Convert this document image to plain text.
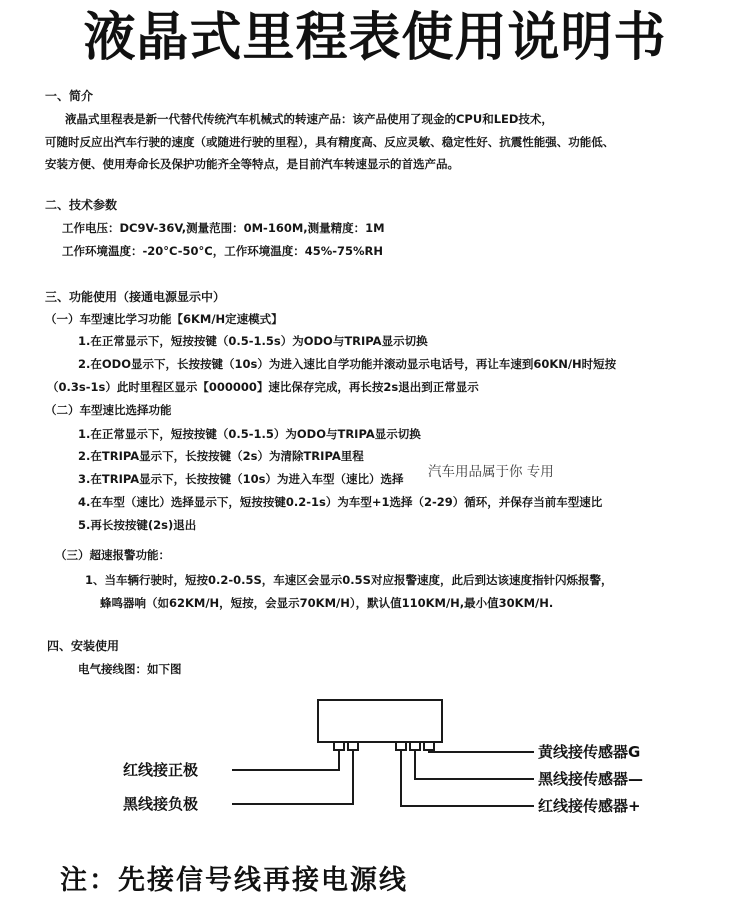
液晶式里程表使用说明书
一、简介
液晶式里程表是新一代替代传统汽车机械式的转速产品：该产品使用了现金的CPU和LED技术，
可随时反应出汽车行驶的速度（或随进行驶的里程），具有精度高、反应灵敏、稳定性好、抗震性能强、功能低、
安装方便、使用寿命长及保护功能齐全等特点，是目前汽车转速显示的首选产品。
二、技术参数
工作电压：DC9V-36V,测量范围：0M-160M,测量精度：1M
工作环境温度：-20°C-50°C，工作环境温度：45%-75%RH
三、功能使用（接通电源显示中）
（一）车型速比学习功能【6KM/H定速模式】
1.在正常显示下，短按按键（0.5-1.5s）为ODO与TRIPA显示切换
2.在ODO显示下，长按按键（10s）为进入速比自学功能并滚动显示电话号，再让车速到60KN/H时短按
（0.3s-1s）此时里程区显示【000000】速比保存完成，再长按2s退出到正常显示
（二）车型速比选择功能
1.在正常显示下，短按按键（0.5-1.5）为ODO与TRIPA显示切换
2.在TRIPA显示下，长按按键（2s）为清除TRIPA里程
3.在TRIPA显示下，长按按键（10s）为进入车型（速比）选择
4.在车型（速比）选择显示下，短按按键0.2-1s）为车型+1选择（2-29）循环，并保存当前车型速比
5.再长按按键(2s)退出
汽车用品属于你 专用
（三）超速报警功能：
1、当车辆行驶时，短按0.2-0.5S，车速区会显示0.5S对应报警速度，此后到达该速度指针闪烁报警，
蜂鸣器响（如62KM/H，短按，会显示70KM/H），默认值110KM/H,最小值30KM/H.
四、安装使用
电气接线图：如下图
红线接正极
黑线接负极
黄线接传感器G
黑线接传感器—
红线接传感器+
注：先接信号线再接电源线
